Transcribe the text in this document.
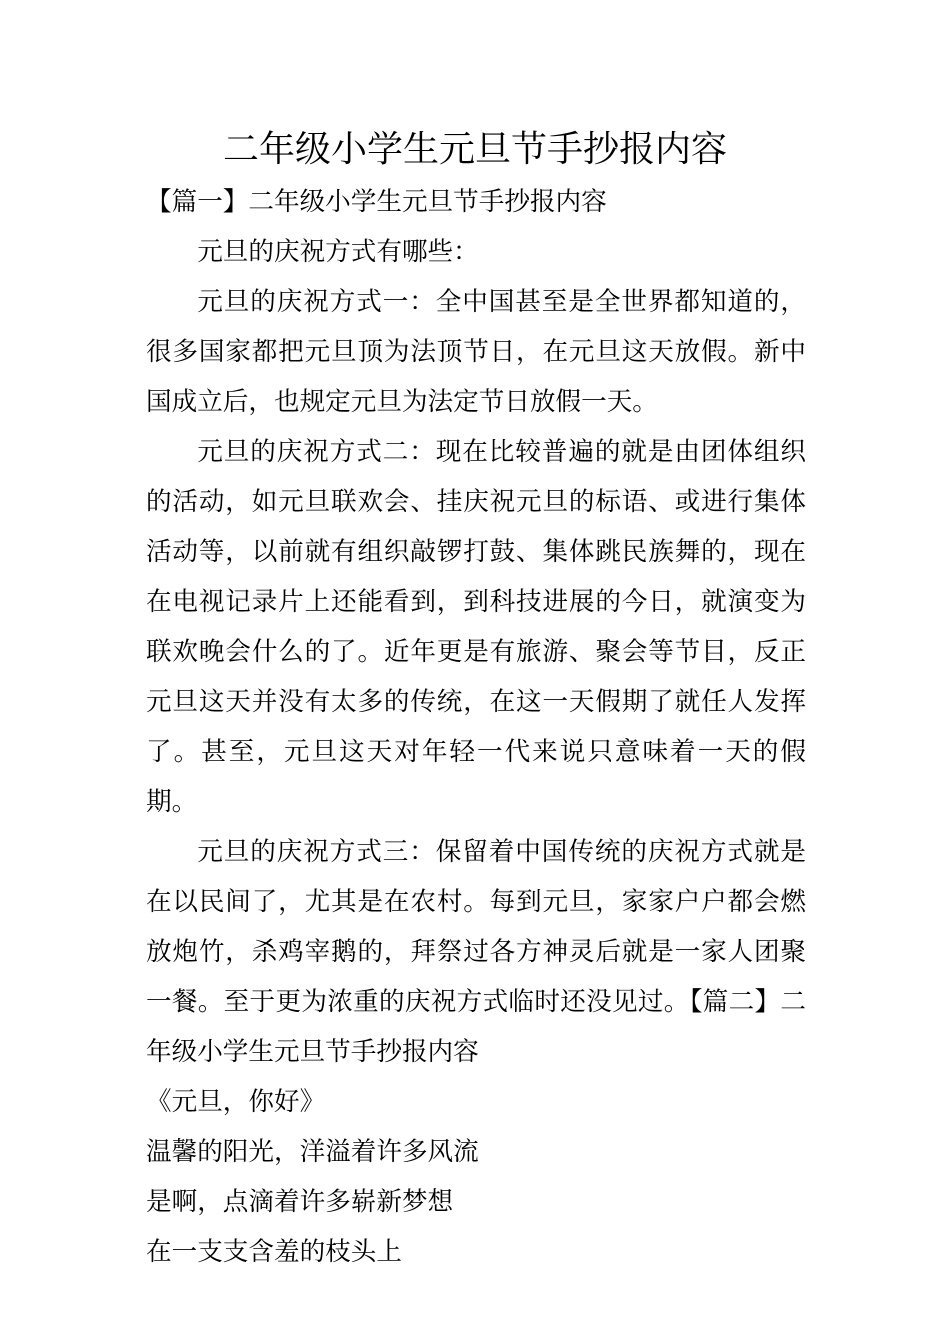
二年级小学生元旦节手抄报内容

【篇一】二年级小学生元旦节手抄报内容

元旦的庆祝方式有哪些：

元旦的庆祝方式一：全中国甚至是全世界都知道的，很多国家都把元旦顶为法顶节日，在元旦这天放假。新中国成立后，也规定元旦为法定节日放假一天。

元旦的庆祝方式二：现在比较普遍的就是由团体组织的活动，如元旦联欢会、挂庆祝元旦的标语、或进行集体活动等，以前就有组织敲锣打鼓、集体跳民族舞的，现在在电视记录片上还能看到，到科技进展的今日，就演变为联欢晚会什么的了。近年更是有旅游、聚会等节目，反正元旦这天并没有太多的传统，在这一天假期了就任人发挥了。甚至，元旦这天对年轻一代来说只意味着一天的假期。

元旦的庆祝方式三：保留着中国传统的庆祝方式就是在以民间了，尤其是在农村。每到元旦，家家户户都会燃放炮竹，杀鸡宰鹅的，拜祭过各方神灵后就是一家人团聚一餐。至于更为浓重的庆祝方式临时还没见过。【篇二】二年级小学生元旦节手抄报内容

《元旦，你好》

温馨的阳光，洋溢着许多风流

是啊，点滴着许多崭新梦想

在一支支含羞的枝头上
